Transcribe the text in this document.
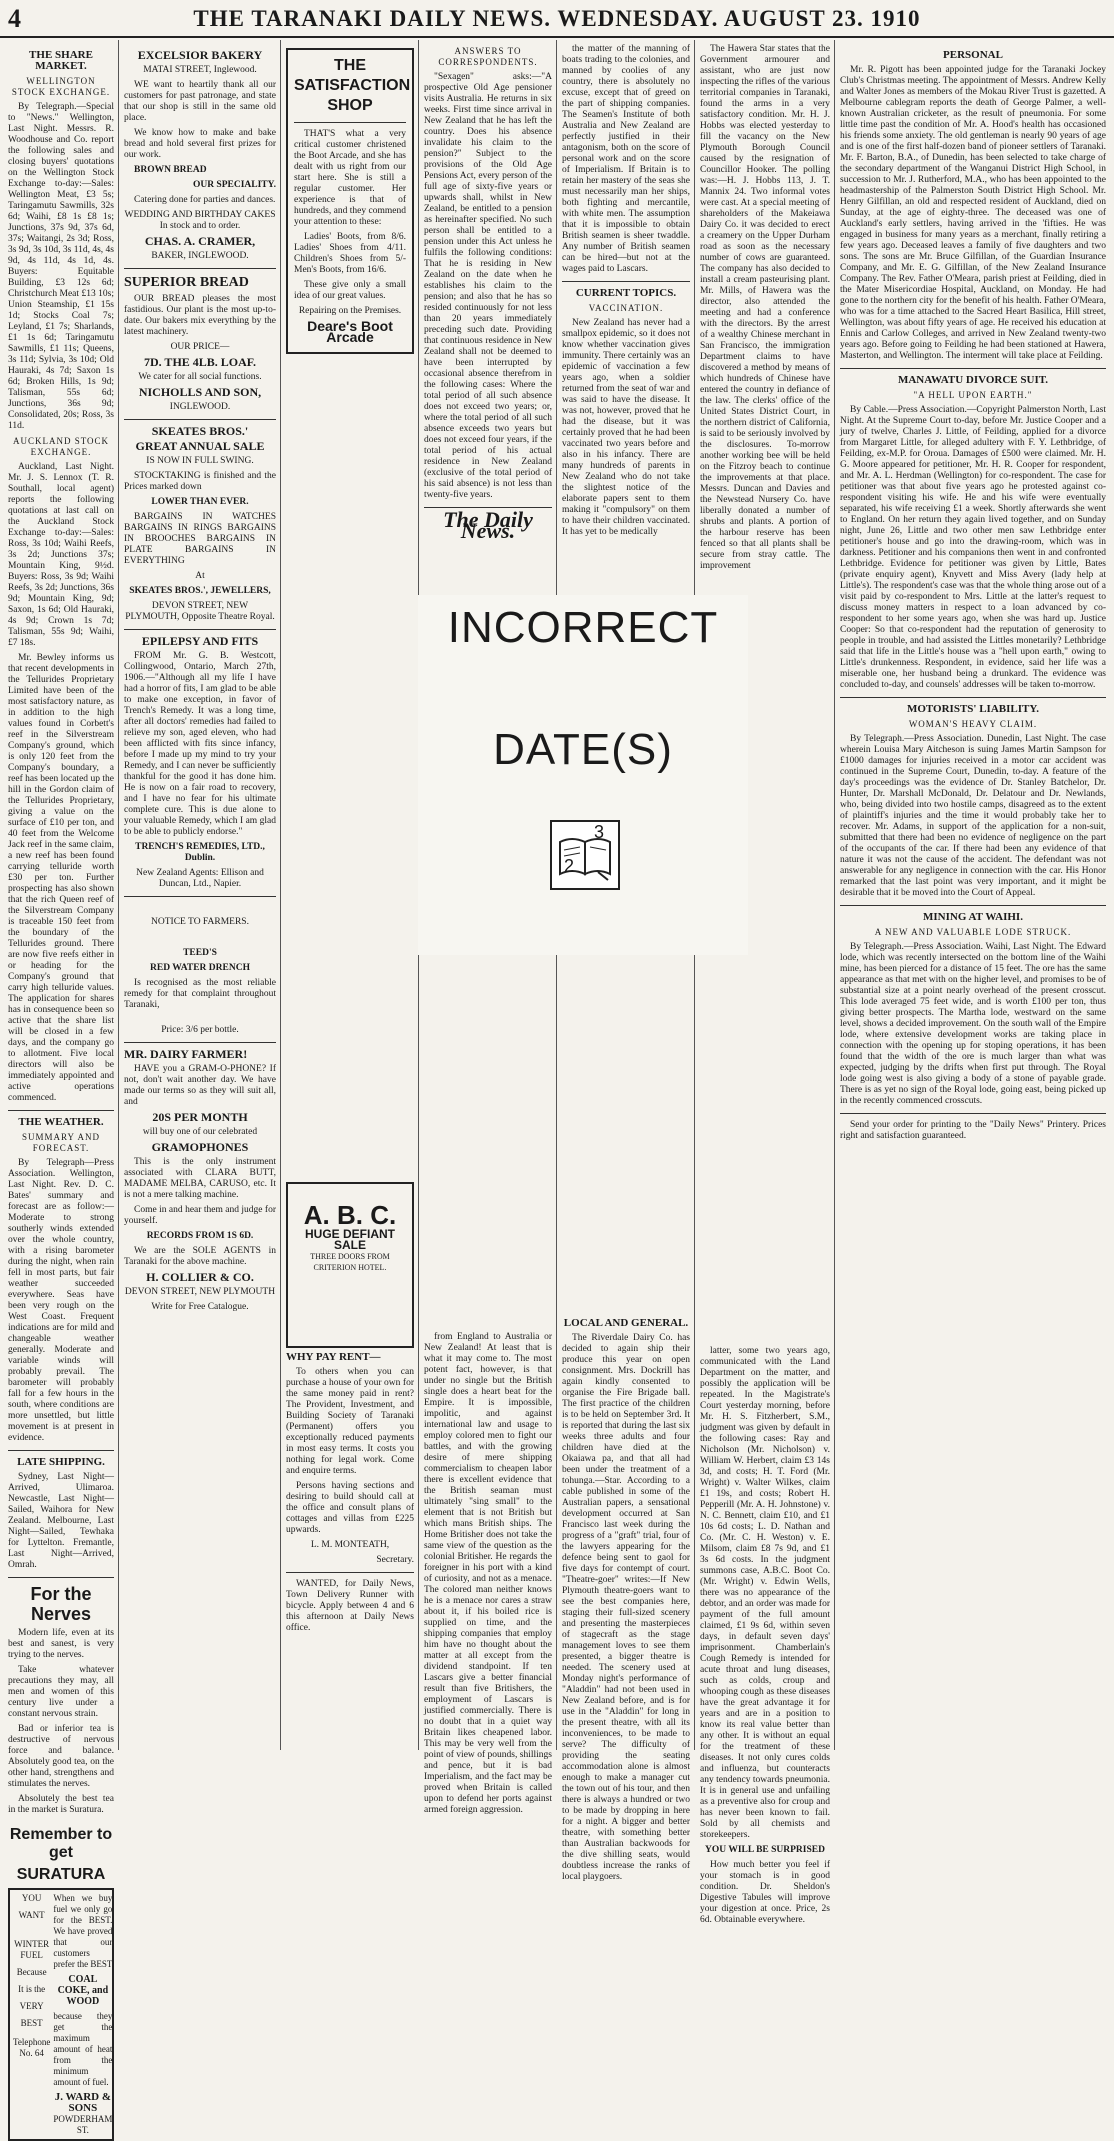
4	THE TARANAKI DAILY NEWS. WEDNESDAY. AUGUST 23. 1910

THE SHARE MARKET.

WELLINGTON STOCK EXCHANGE.

By Telegraph.—Special to "News." Wellington, Last Night. Messrs. R. Woodhouse and Co. report the following sales and closing buyers' quotations on the Wellington Stock Exchange to-day:—Sales: Wellington Meat, £3 5s; Taringamutu Sawmills, 32s 6d; Waihi, £8 1s £8 1s; Junctions, 37s 9d, 37s 6d, 37s; Waitangi, 2s 3d; Ross, 3s 9d, 3s 10d, 3s 11d, 4s, 4s 9d, 4s 11d, 4s 1d, 4s. Buyers: Equitable Building, £3 12s 6d; Christchurch Meat £13 10s; Union Steamship, £1 15s 1d; Stocks Coal 7s; Leyland, £1 7s; Sharlands, £1 1s 6d; Taringamutu Sawmills, £1 11s; Queens, 3s 11d; Sylvia, 3s 10d; Old Hauraki, 4s 7d; Saxon 1s 6d; Broken Hills, 1s 9d; Talisman, 55s 6d; Junctions, 36s 9d; Consolidated, 20s; Ross, 3s 11d.

AUCKLAND STOCK EXCHANGE.

Auckland, Last Night. Mr. J. S. Lennox (T. R. Southall, local agent) reports the following quotations at last call on the Auckland Stock Exchange to-day:—Sales: Ross, 3s 10d; Waihi Reefs, 3s 2d; Junctions 37s; Mountain King, 9½d. Buyers: Ross, 3s 9d; Waihi Reefs, 3s 2d; Junctions, 36s 9d; Mountain King, 9d; Saxon, 1s 6d; Old Hauraki, 4s 9d; Crown 1s 7d; Talisman, 55s 9d; Waihi, £7 18s.

Mr. Bewley informs us that recent developments in the Tellurides Proprietary Limited have been of the most satisfactory nature, as in addition to the high values found in Corbett's reef in the Silverstream Company's ground, which is only 120 feet from the Company's boundary, a reef has been located up the hill in the Gordon claim of the Tellurides Proprietary, giving a value on the surface of £10 per ton, and 40 feet from the Welcome Jack reef in the same claim, a new reef has been found carrying telluride worth £30 per ton. Further prospecting has also shown that the rich Queen reef of the Silverstream Company is traceable 150 feet from the boundary of the Tellurides ground. There are now five reefs either in or heading for the Company's ground that carry high telluride values. The application for shares has in consequence been so active that the share list will be closed in a few days, and the company go to allotment. Five local directors will also be immediately appointed and active operations commenced.

THE WEATHER.

SUMMARY AND FORECAST.

By Telegraph—Press Association. Wellington, Last Night. Rev. D. C. Bates' summary and forecast are as follow:—Moderate to strong southerly winds extended over the whole country, with a rising barometer during the night, when rain fell in most parts, but fair weather succeeded everywhere. Seas have been very rough on the West Coast. Frequent indications are for mild and changeable weather generally. Moderate and variable winds will probably prevail. The barometer will probably fall for a few hours in the south, where conditions are more unsettled, but little movement is at present in evidence.

LATE SHIPPING.

Sydney, Last Night—Arrived, Ulimaroa. Newcastle, Last Night—Sailed, Waihora for New Zealand. Melbourne, Last Night—Sailed, Tewhaka for Lyttelton. Fremantle, Last Night—Arrived, Omrah.

For the Nerves

Modern life, even at its best and sanest, is very trying to the nerves.

Take whatever precautions they may, all men and women of this century live under a constant nervous strain.

Bad or inferior tea is destructive of nervous force and balance. Absolutely good tea, on the other hand, strengthens and stimulates the nerves.

Absolutely the best tea in the market is Suratura.

Remember to get

SURATURA

YOU
WANT
WINTER
FUEL
Because
It is the
VERY
BEST
Telephone No. 64
When we buy fuel we only go for the BEST. We have proved that our customers prefer the BEST
COAL COKE, and WOOD
because they get the maximum amount of heat from the minimum amount of fuel.
J. WARD & SONS
POWDERHAM ST.

EXCELSIOR BAKERY

MATAI STREET, Inglewood.

WE want to heartily thank all our customers for past patronage, and state that our shop is still in the same old place.

We know how to make and bake bread and hold several first prizes for our work.

BROWN BREAD

OUR SPECIALITY.

Catering done for parties and dances.

WEDDING AND BIRTHDAY CAKES In stock and to order.

CHAS. A. CRAMER,

BAKER, INGLEWOOD.

SUPERIOR BREAD

OUR BREAD pleases the most fastidious. Our plant is the most up-to-date. Our bakers mix everything by the latest machinery.

OUR PRICE—

7D. THE 4LB. LOAF.

We cater for all social functions.

NICHOLLS AND SON,

INGLEWOOD.

SKEATES BROS.'

GREAT ANNUAL SALE

IS NOW IN FULL SWING.

STOCKTAKING is finished and the Prices marked down

LOWER THAN EVER.

BARGAINS IN WATCHES BARGAINS IN RINGS BARGAINS IN BROOCHES BARGAINS IN PLATE BARGAINS IN EVERYTHING

At

SKEATES BROS.', JEWELLERS,

DEVON STREET, NEW PLYMOUTH, Opposite Theatre Royal.

EPILEPSY AND FITS

FROM Mr. G. B. Westcott, Collingwood, Ontario, March 27th, 1906.—"Although all my life I have had a horror of fits, I am glad to be able to make one exception, in favor of Trench's Remedy. It was a long time, after all doctors' remedies had failed to relieve my son, aged eleven, who had been afflicted with fits since infancy, before I made up my mind to try your Remedy, and I can never be sufficiently thankful for the good it has done him. He is now on a fair road to recovery, and I have no fear for his ultimate complete cure. This is due alone to your valuable Remedy, which I am glad to be able to publicly endorse."

TRENCH'S REMEDIES, LTD., Dublin.

New Zealand Agents: Ellison and Duncan, Ltd., Napier.

NOTICE TO FARMERS.

TEED'S

RED WATER DRENCH

Is recognised as the most reliable remedy for that complaint throughout Taranaki,

Price: 3/6 per bottle.

MR. DAIRY FARMER!

HAVE you a GRAM-O-PHONE? If not, don't wait another day. We have made our terms so as they will suit all, and

20S PER MONTH

will buy one of our celebrated

GRAMOPHONES

This is the only instrument associated with CLARA BUTT, MADAME MELBA, CARUSO, etc. It is not a mere talking machine.

Come in and hear them and judge for yourself.

RECORDS FROM 1S 6D.

We are the SOLE AGENTS in Taranaki for the above machine.

H. COLLIER & CO.

DEVON STREET, NEW PLYMOUTH

Write for Free Catalogue.

THE SATISFACTION SHOP

THAT'S what a very critical customer christened the Boot Arcade, and she has dealt with us right from our start here. She is still a regular customer. Her experience is that of hundreds, and they commend your attention to these:

Ladies' Boots, from 8/6. Ladies' Shoes from 4/11. Children's Shoes from 5/- Men's Boots, from 16/6.

These give only a small idea of our great values.

Repairing on the Premises.

Deare's Boot Arcade
A. B. C.
HUGE DEFIANT SALE

THREE DOORS FROM CRITERION HOTEL.

WHY PAY RENT—

To others when you can purchase a house of your own for the same money paid in rent? The Provident, Investment, and Building Society of Taranaki (Permanent) offers you exceptionally reduced payments in most easy terms. It costs you nothing for legal work. Come and enquire terms.

Persons having sections and desiring to build should call at the office and consult plans of cottages and villas from £225 upwards.

L. M. MONTEATH,

Secretary.

WANTED, for Daily News, Town Delivery Runner with bicycle. Apply between 4 and 6 this afternoon at Daily News office.

ANSWERS TO CORRESPONDENTS.

"Sexagen" asks:—"A prospective Old Age pensioner visits Australia. He returns in six weeks. First time since arrival in New Zealand that he has left the country. Does his absence invalidate his claim to the pension?" Subject to the provisions of the Old Age Pensions Act, every person of the full age of sixty-five years or upwards shall, whilst in New Zealand, be entitled to a pension as hereinafter specified. No such person shall be entitled to a pension under this Act unless he fulfils the following conditions: That he is residing in New Zealand on the date when he establishes his claim to the pension; and also that he has so resided continuously for not less than 20 years immediately preceding such date. Providing that continuous residence in New Zealand shall not be deemed to have been interrupted by occasional absence therefrom in the following cases: Where the total period of all such absence does not exceed two years; or, where the total period of all such absence exceeds two years but does not exceed four years, if the total period of his actual residence in New Zealand (exclusive of the total period of his said absence) is not less than twenty-five years.

The Daily News.

from England to Australia or New Zealand! At least that is what it may come to. The most potent fact, however, is that under no single but the British single does a heart beat for the Empire. It is impossible, impolitic, and against international law and usage to employ colored men to fight our battles, and with the growing desire of mere shipping commercialism to cheapen labor there is excellent evidence that the British seaman must ultimately "sing small" to the element that is not British but which mans British ships. The Home Britisher does not take the same view of the question as the colonial Britisher. He regards the foreigner in his port with a kind of curiosity, and not as a menace. The colored man neither knows he is a menace nor cares a straw about it, if his boiled rice is supplied on time, and the shipping companies that employ him have no thought about the matter at all except from the dividend standpoint. If ten Lascars give a better financial result than five Britishers, the employment of Lascars is justified commercially. There is no doubt that in a quiet way Britain likes cheapened labor. This may be very well from the point of view of pounds, shillings and pence, but it is bad Imperialism, and the fact may be proved when Britain is called upon to defend her ports against armed foreign aggression.

the matter of the manning of boats trading to the colonies, and manned by coolies of any country, there is absolutely no excuse, except that of greed on the part of shipping companies. The Seamen's Institute of both Australia and New Zealand are perfectly justified in their antagonism, both on the score of personal work and on the score of Imperialism. If Britain is to retain her mastery of the seas she must necessarily man her ships, both fighting and mercantile, with white men. The assumption that it is impossible to obtain British seamen is sheer twaddle. Any number of British seamen can be hired—but not at the wages paid to Lascars.

CURRENT TOPICS.

VACCINATION.

New Zealand has never had a smallpox epidemic, so it does not know whether vaccination gives immunity. There certainly was an epidemic of vaccination a few years ago, when a soldier returned from the seat of war and was said to have the disease. It was not, however, proved that he had the disease, but it was certainly proved that he had been vaccinated two years before and also in his infancy. There are many hundreds of parents in New Zealand who do not take the slightest notice of the elaborate papers sent to them making it "compulsory" on them to have their children vaccinated. It has yet to be medically

LOCAL AND GENERAL.

The Riverdale Dairy Co. has decided to again ship their produce this year on open consignment. Mrs. Dockrill has again kindly consented to organise the Fire Brigade ball. The first practice of the children is to be held on September 3rd. It is reported that during the last six weeks three adults and four children have died at the Okaiawa pa, and that all had been under the treatment of a tohunga.—Star. According to a cable published in some of the Australian papers, a sensational development occurred at San Francisco last week during the progress of a "graft" trial, four of the lawyers appearing for the defence being sent to gaol for five days for contempt of court. "Theatre-goer" writes:—If New Plymouth theatre-goers want to see the best companies here, staging their full-sized scenery and presenting the masterpieces of stagecraft as the stage management loves to see them presented, a bigger theatre is needed. The scenery used at Monday night's performance of "Aladdin" had not been used in New Zealand before, and is for use in the "Aladdin" for long in the present theatre, with all its inconveniences, to be made to serve? The difficulty of providing the seating accommodation alone is almost enough to make a manager cut the town out of his tour, and then there is always a hundred or two to be made by dropping in here for a night. A bigger and better theatre, with something better than Australian backwoods for the dive shilling seats, would doubtless increase the ranks of local playgoers.

The Hawera Star states that the Government armourer and assistant, who are just now inspecting the rifles of the various territorial companies in Taranaki, found the arms in a very satisfactory condition. Mr. H. J. Hobbs was elected yesterday to fill the vacancy on the New Plymouth Borough Council caused by the resignation of Councillor Hooker. The polling was:—H. J. Hobbs 113, J. T. Mannix 24. Two informal votes were cast. At a special meeting of shareholders of the Makeiawa Dairy Co. it was decided to erect a creamery on the Upper Durham road as soon as the necessary number of cows are guaranteed. The company has also decided to install a cream pasteurising plant. Mr. Mills, of Hawera was the director, also attended the meeting and had a conference with the directors. By the arrest of a wealthy Chinese merchant in San Francisco, the immigration Department claims to have discovered a method by means of which hundreds of Chinese have entered the country in defiance of the law. The clerks' office of the United States District Court, in the northern district of California, is said to be seriously involved by the disclosures. To-morrow another working bee will be held on the Fitzroy beach to continue the improvements at that place. Messrs. Duncan and Davies and the Newstead Nursery Co. have liberally donated a number of shrubs and plants. A portion of the harbour reserve has been fenced so that all plants shall be secure from stray cattle. The improvement

latter, some two years ago, communicated with the Land Department on the matter, and possibly the application will be repeated. In the Magistrate's Court yesterday morning, before Mr. H. S. Fitzherbert, S.M., judgment was given by default in the following cases: Ray and Nicholson (Mr. Nicholson) v. William W. Herbert, claim £3 14s 3d, and costs; H. T. Ford (Mr. Wright) v. Walter Wilkes, claim £1 19s, and costs; Robert H. Pepperill (Mr. A. H. Johnstone) v. N. C. Bennett, claim £10, and £1 10s 6d costs; L. D. Nathan and Co. (Mr. C. H. Weston) v. E. Milsom, claim £8 7s 9d, and £1 3s 6d costs. In the judgment summons case, A.B.C. Boot Co. (Mr. Wright) v. Edwin Wells, there was no appearance of the debtor, and an order was made for payment of the full amount claimed, £1 9s 6d, within seven days, in default seven days' imprisonment. Chamberlain's Cough Remedy is intended for acute throat and lung diseases, such as colds, croup and whooping cough as these diseases have the great advantage it for years and are in a position to know its real value better than any other. It is without an equal for the treatment of these diseases. It not only cures colds and influenza, but counteracts any tendency towards pneumonia. It is in general use and unfailing as a preventive also for croup and has never been known to fail. Sold by all chemists and storekeepers.

YOU WILL BE SURPRISED

How much better you feel if your stomach is in good condition. Dr. Sheldon's Digestive Tabules will improve your digestion at once. Price, 2s 6d. Obtainable everywhere.

PERSONAL

Mr. R. Pigott has been appointed judge for the Taranaki Jockey Club's Christmas meeting. The appointment of Messrs. Andrew Kelly and Walter Jones as members of the Mokau River Trust is gazetted. A Melbourne cablegram reports the death of George Palmer, a well-known Australian cricketer, as the result of pneumonia. For some little time past the condition of Mr. A. Hood's health has occasioned his friends some anxiety. The old gentleman is nearly 90 years of age and is one of the first half-dozen band of pioneer settlers of Taranaki. Mr. F. Barton, B.A., of Dunedin, has been selected to take charge of the secondary department of the Wanganui District High School, in succession to Mr. J. Rutherford, M.A., who has been appointed to the headmastership of the Palmerston South District High School. Mr. Henry Gilfillan, an old and respected resident of Auckland, died on Sunday, at the age of eighty-three. The deceased was one of Auckland's early settlers, having arrived in the 'fifties. He was engaged in business for many years as a merchant, finally retiring a few years ago. Deceased leaves a family of five daughters and two sons. The sons are Mr. Bruce Gilfillan, of the Guardian Insurance Company, and Mr. E. G. Gilfillan, of the New Zealand Insurance Company. The Rev. Father O'Meara, parish priest at Feilding, died in the Mater Misericordiae Hospital, Auckland, on Monday. He had gone to the northern city for the benefit of his health. Father O'Meara, who was for a time attached to the Sacred Heart Basilica, Hill street, Wellington, was about fifty years of age. He received his education at Ennis and Carlow Colleges, and arrived in New Zealand twenty-two years ago. Before going to Feilding he had been stationed at Hawera, Masterton, and Wellington. The interment will take place at Feilding.

MANAWATU DIVORCE SUIT.

"A HELL UPON EARTH."

By Cable.—Press Association.—Copyright Palmerston North, Last Night. At the Supreme Court to-day, before Mr. Justice Cooper and a jury of twelve, Charles J. Little, of Feilding, applied for a divorce from Margaret Little, for alleged adultery with F. Y. Lethbridge, of Feilding, ex-M.P. for Oroua. Damages of £500 were claimed. Mr. H. G. Moore appeared for petitioner, Mr. H. R. Cooper for respondent, and Mr. A. L. Herdman (Wellington) for co-respondent. The case for petitioner was that about five years ago he protested against co-respondent visiting his wife. He and his wife were eventually separated, his wife receiving £1 a week. Shortly afterwards she went to England. On her return they again lived together, and on Sunday night, June 26, Little and two other men saw Lethbridge enter petitioner's house and go into the drawing-room, which was in darkness. Petitioner and his companions then went in and confronted Lethbridge. Evidence for petitioner was given by Little, Bates (private enquiry agent), Knyvett and Miss Avery (lady help at Little's). The respondent's case was that the whole thing arose out of a visit paid by co-respondent to Mrs. Little at the latter's request to discuss money matters in respect to a loan advanced by co-respondent to her some years ago, when she was hard up. Justice Cooper: So that co-respondent had the reputation of generosity to people in trouble, and had assisted the Littles monetarily? Lethbridge said that life in the Little's house was a "hell upon earth," owing to Little's drunkenness. Respondent, in evidence, said her life was a miserable one, her husband being a drunkard. The evidence was concluded to-day, and counsels' addresses will be taken to-morrow.

MOTORISTS' LIABILITY.

WOMAN'S HEAVY CLAIM.

By Telegraph.—Press Association. Dunedin, Last Night. The case wherein Louisa Mary Aitcheson is suing James Martin Sampson for £1000 damages for injuries received in a motor car accident was continued in the Supreme Court, Dunedin, to-day. A feature of the day's proceedings was the evidence of Dr. Stanley Batchelor, Dr. Hunter, Dr. Marshall McDonald, Dr. Delatour and Dr. Newlands, who, being divided into two hostile camps, disagreed as to the extent of plaintiff's injuries and the time it would probably take her to recover. Mr. Adams, in support of the application for a non-suit, submitted that there had been no evidence of negligence on the part of the occupants of the car. If there had been any evidence of that nature it was not the cause of the accident. The defendant was not answerable for any negligence in connection with the car. His Honor remarked that the last point was very important, and it might be desirable that it be moved into the Court of Appeal.

MINING AT WAIHI.

A NEW AND VALUABLE LODE STRUCK.

By Telegraph.—Press Association. Waihi, Last Night. The Edward lode, which was recently intersected on the bottom line of the Waihi mine, has been pierced for a distance of 15 feet. The ore has the same appearance as that met with on the higher level, and promises to be of substantial size at a point nearly overhead of the present crosscut. This lode averaged 75 feet wide, and is worth £100 per ton, thus giving better prospects. The Martha lode, westward on the same level, shows a decided improvement. On the south wall of the Empire lode, where extensive development works are taking place in connection with the opening up for stoping operations, it has been found that the width of the ore is much larger than what was expected, judging by the drifts when first put through. The Royal lode going west is also giving a body of a stone of payable grade. There is as yet no sign of the Royal lode, going east, being picked up in the recently commenced crosscuts.

Send your order for printing to the "Daily News" Printery. Prices right and satisfaction guaranteed.

INCORRECT
DATE(S)
2
3
